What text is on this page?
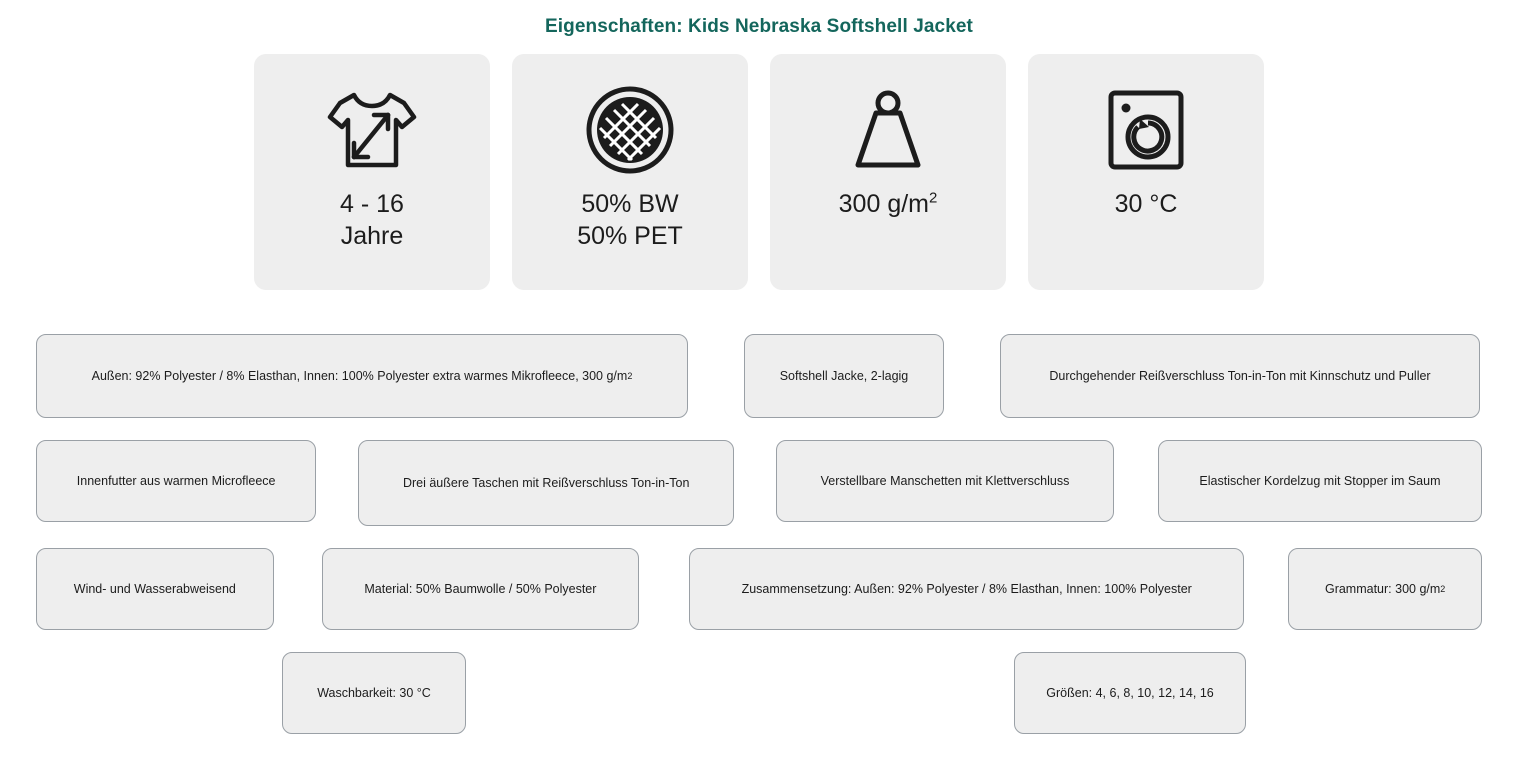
Eigenschaften: Kids Nebraska Softshell Jacket
4 - 16
Jahre
50% BW
50% PET
300 $g/m^2$	30 °C
Außen: 92% Polyester / 8% Elasthan, Innen: 100% Polyester extra warmes Mikrofleece, 300 g/m 2	Softshell Jacke, 2-lagig	Durchgehender Reißverschluss Ton-in-Ton mit Kinnschutz und Puller
Innenfutter aus warmen Microfleece	Drei äußere Taschen mit Reißverschluss Ton-in-Ton	Verstellbare Manschetten mit Klettverschluss	Elastischer Kordelzug mit Stopper im Saum
Wind- und Wasserabweisend	Material: 50% Baumwolle / 50% Polyester	Zusammensetzung: Außen: 92% Polyester / 8% Elasthan, Innen: 100% Polyester	Grammatur: 300 g/m 2
Waschbarkeit: 30 °C	Größen: 4, 6, 8, 10, 12, 14, 16
